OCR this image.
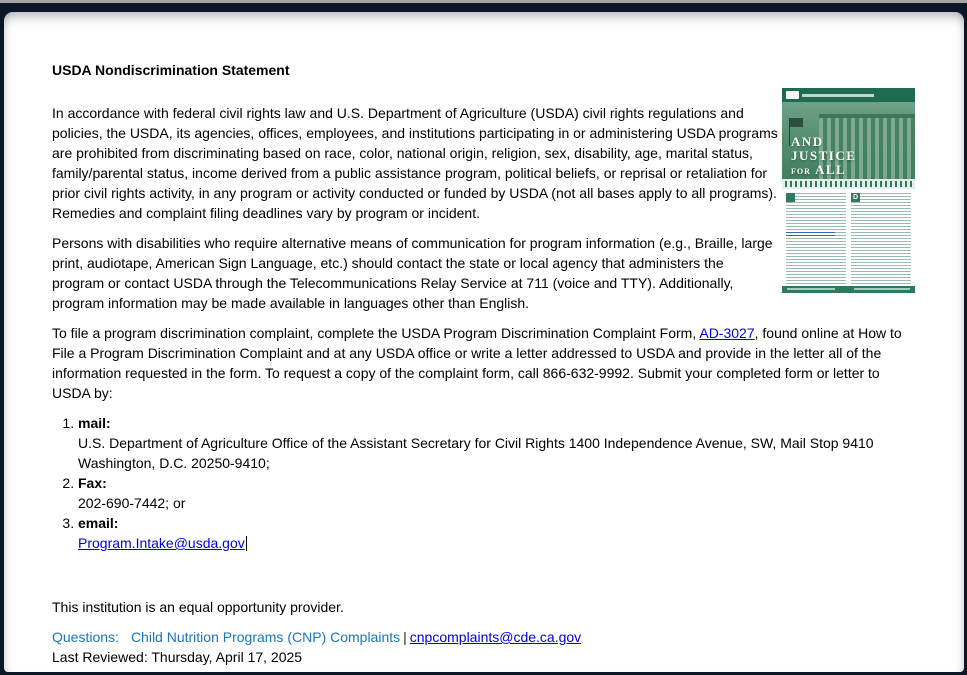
USDA Nondiscrimination Statement
AND
JUSTICE
FOR ALL
D

In accordance with federal civil rights law and U.S. Department of Agriculture (USDA) civil rights regulations and policies, the USDA, its agencies, offices, employees, and institutions participating in or administering USDA programs are prohibited from discriminating based on race, color, national origin, religion, sex, disability, age, marital status, family/parental status, income derived from a public assistance program, political beliefs, or reprisal or retaliation for prior civil rights activity, in any program or activity conducted or funded by USDA (not all bases apply to all programs). Remedies and complaint filing deadlines vary by program or incident.

Persons with disabilities who require alternative means of communication for program information (e.g., Braille, large print, audiotape, American Sign Language, etc.) should contact the state or local agency that administers the program or contact USDA through the Telecommunications Relay Service at 711 (voice and TTY). Additionally, program information may be made available in languages other than English.

To file a program discrimination complaint, complete the USDA Program Discrimination Complaint Form, AD-3027, found online at How to File a Program Discrimination Complaint and at any USDA office or write a letter addressed to USDA and provide in the letter all of the information requested in the form. To request a copy of the complaint form, call 866-632-9992. Submit your completed form or letter to USDA by:

1. mail:
U.S. Department of Agriculture Office of the Assistant Secretary for Civil Rights 1400 Independence Avenue, SW, Mail Stop 9410 Washington, D.C. 20250-9410;
2. Fax:
202-690-7442; or
3. email:
Program.Intake@usda.gov

This institution is an equal opportunity provider.

Questions: Child Nutrition Programs (CNP) Complaints | cnpcomplaints@cde.ca.gov

Last Reviewed: Thursday, April 17, 2025
